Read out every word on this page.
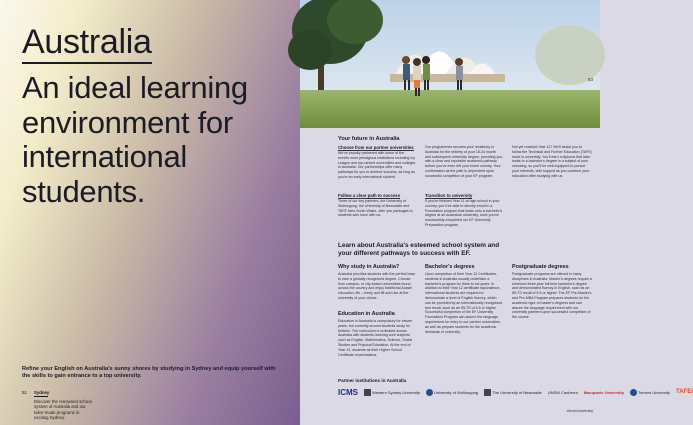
Australia
An ideal learning environment for international students.
Refine your English on Australia's sunny shores by studying in Sydney and equip yourself with the skills to gain entrance to a top university.
52	Sydney
Discover the renowned school system of Australia and our tailor-made programs in exciting Sydney.
53
Your future in Australia
Choose from our partner universities
We've proudly partnered with some of the world's most prestigious institutions including Ivy League and top-ranked universities and colleges in Australia. Our partnerships offer many pathways for you to achieve success, as long as you're an early international student.
Follow a clear path to success
Three of our key partners, the University of Wollongong, the University of Newcastle and TAFE New South Wales, offer you packages to students who have with us.
Our programmes secures your residency in Australia for the entirety of your 18-24 month and subsequent university degree, providing you with a clear and reputable academic pathway before you've even left your home country. Your confirmation as the path is dependent upon successful completion of your EF program.
Transition to university
If you've finished Year 11 at high school in your country, you'll be able to directly enroll in a Foundation program that leads onto a bachelor's degree at an Australian university, once you've successfully completed our EF University Preparation program.
Not yet reached Year 11? We'll assist you to follow the Technical and Further Education (TAFE) route to university. You'll earn a diploma that later leads to a bachelor's degree in a subject of your choosing, so you'll be well-equipped to pursue your interests, with support as you continue your education after studying with us.
Learn about Australia's esteemed school system and your different pathways to success with EF.
Why study in Australia?
Australia provides students with the perfect base to earn a globally recognised degree. Choose from campus- or city-based universities found across the country and enjoy traditional Aussie education, life – freely and lift and rise at the university of your choice.
Education in Australia
Education in Australia is compulsory for eleven years, but currently around students study for thirteen. The curriculum is ordinated across Australia with students learning core subjects such as English, Mathematics, Science, Social Studies and Physical Education. At the end of Year 12, students sit their Higher School Certificate examinations.
Bachelor's degrees
Upon completion of their Year 12 Certificates, students in Australia usually undertake a bachelor's program for three to six years. In addition to their Year 12 certificate equivalence, international students are required to demonstrate a level of English fluency, which can be provided by an internationally recognised test result, such as an IELTS of 6.5 or higher. Successful completion of the EF University Foundation Program can assure the language requirement for entry to our partner universities, as well as prepare students for the academic demands of university.
Postgraduate degrees
Postgraduate programs are offered in many disciplines in Australia. Master's degrees require a minimum three year full-time bachelor's degree and demonstrated fluency in English, such as an IELTS result of 6.5 or higher. The EF Pre-Master's and Pre-MBA Program prepares students for the academic rigor of master's degrees and can assure the language requirement with our university partners upon successful completion of the course.
Partner institutions in Australia
ICMS	Western Sydney University	University of Wollongong	The University of Newcastle UNSW Canberra Macquarie University	Torrens University TAFEi
efcom/university
